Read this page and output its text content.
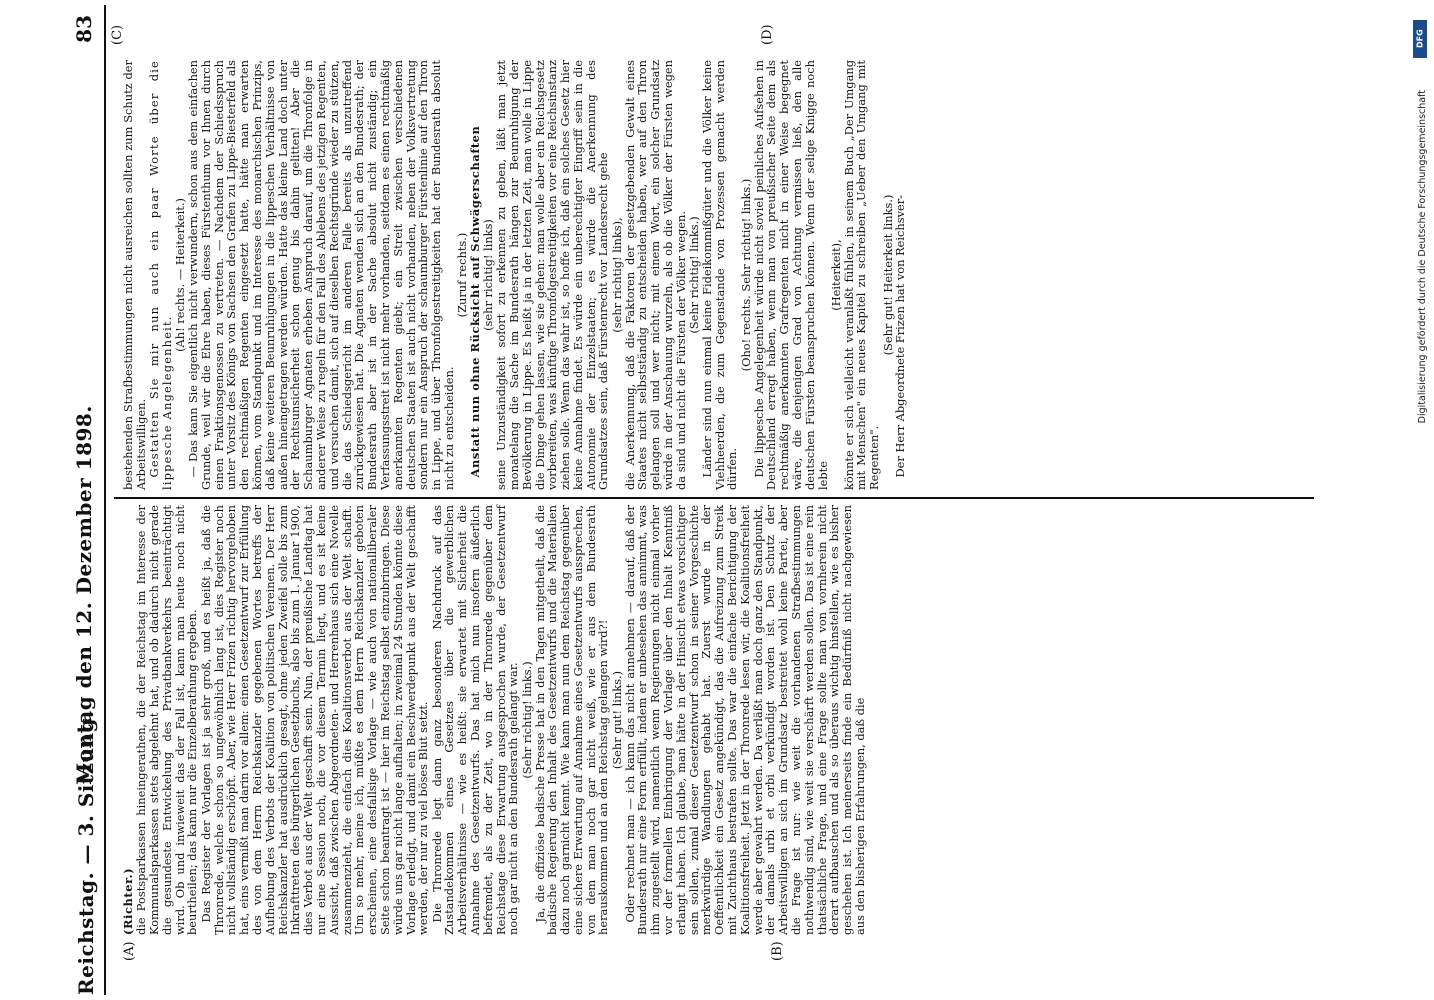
Reichstag. — 3. Sitzung.
Montag den 12. Dezember 1898.
83
(A)	(B)
(C)	(D)

(Richter.) die Postsparkassen hineingerathen, die der Reichstag im Interesse der Kommunalsparkassen stets abgelehnt hat, und ob dadurch nicht gerade die gesundeste Entwickelung des Privatbankverkehrs beeinträchtigt wird. Ob und inwieweit das der Fall ist, kann man heute noch nicht beurtheilen; das kann nur die Einzelberathung ergeben. Das Register der Vorlagen ist ja sehr groß, und es heißt ja, daß die Thronrede, welche schon so ungewöhnlich lang ist, dies Register noch nicht vollständig erschöpft. Aber, wie Herr Frizen richtig hervorgehoben hat, eins vermißt man darin vor allem: einen Gesetzentwurf zur Erfüllung des von dem Herrn Reichskanzler gegebenen Wortes betreffs der Aufhebung des Verbots der Koalition von politischen Vereinen. Der Herr Reichskanzler hat ausdrücklich gesagt, ohne jeden Zweifel solle bis zum Inkrafttreten des bürgerlichen Gesetzbuchs, also bis zum 1. Januar 1900, dies Verbot aus der Welt geschafft sein. Nun, der preußische Landtag hat nur eine Session noch, die vor diesem Termin liegt, und es ist keine Aussicht, daß zwischen Abgeordneten- und Herrenhaus sich eine Novelle zusammenzieht, die einfach dies Koalitionsverbot aus der Welt schafft. Um so mehr, meine ich, müßte es dem Herrn Reichskanzler geboten erscheinen, eine desfallsige Vorlage — wie auch von nationalliberaler Seite schon beantragt ist — hier im Reichstag selbst einzubringen. Diese würde uns gar nicht lange aufhalten; in zweimal 24 Stunden könnte diese Vorlage erledigt, und damit ein Beschwerdepunkt aus der Welt geschafft werden, der nur zu viel böses Blut setzt. Die Thronrede legt dann ganz besonderen Nachdruck auf das Zustandekommen eines Gesetzes über die gewerblichen Arbeitsverhältnisse — wie es heißt: sie erwartet mit Sicherheit die Annahme des Gesetzentwurfs. Das hat mich nun insofern äußerlich befremdet, als zu der Zeit, wo in der Thronrede gegenüber dem Reichstage diese Erwartung ausgesprochen wurde, der Gesetzentwurf noch gar nicht an den Bundesrath gelangt war. (Sehr richtig! links.)

Ja, die offiziöse badische Presse hat in den Tagen mitgetheilt, daß die badische Regierung den Inhalt des Gesetzentwurfs und die Materialien dazu noch garnicht kennt. Wie kann man nun dem Reichstag gegenüber eine sichere Erwartung auf Annahme eines Gesetzentwurfs aussprechen, von dem man noch gar nicht weiß, wie er aus dem Bundesrath herauskommen und an den Reichstag gelangen wird?! (Sehr gut! links.)

Oder rechnet man — ich kann das nicht annehmen — darauf, daß der Bundesrath nur eine Form erfüllt, indem er unbesehen das annimmt, was ihm zugestellt wird, namentlich wenn Regierungen nicht einmal vorher vor der formellen Einbringung der Vorlage über den Inhalt Kenntniß erlangt haben. Ich glaube, man hätte in der Hinsicht etwas vorsichtiger sein sollen, zumal dieser Gesetzentwurf schon in seiner Vorgeschichte merkwürdige Wandlungen gehabt hat. Zuerst wurde in der Oeffentlichkeit ein Gesetz angekündigt, das die Aufreizung zum Streik mit Zuchthaus bestrafen sollte. Das war die einfache Berichtigung der Koalitionsfreiheit. Jetzt in der Thronrede lesen wir, die Koalitionsfreiheit werde aber gewahrt werden. Da verläßt man doch ganz den Standpunkt, der damals urbi et orbi verkündigt worden ist. Den Schutz der Arbeitswilligen an sich im Grundsatz bestreitet wohl keine Partei, aber die Frage ist nur: wie weit die vorhandenen Strafbestimmungen nothwendig sind, wie weit sie verschärft werden sollen. Das ist eine rein thatsächliche Frage, und eine Frage sollte man von vornherein nicht derart aufbauschen und als so überaus wichtig hinstellen, wie es bisher geschehen ist. Ich meinerseits finde ein Bedürfniß nicht nachgewiesen aus den bisherigen Erfahrungen, daß die

bestehenden Strafbestimmungen nicht ausreichen sollten zum Schutz der Arbeitswilligen. Gestatten Sie mir nun auch ein paar Worte über die lippesche Angelegenheit.

(Ah! rechts. — Heiterkeit.)

— Das kann Sie eigentlich nicht verwundern, schon aus dem einfachen Grunde, weil wir die Ehre haben, dieses Fürstenthum vor Ihnen durch einen Fraktionsgenossen zu vertreten. — Nachdem der Schiedsspruch unter Vorsitz des Königs von Sachsen den Grafen zu Lippe-Biesterfeld als den rechtmäßigen Regenten eingesetzt hatte, hätte man erwarten können, vom Standpunkt und im Interesse des monarchischen Prinzips, daß keine weiteren Beunruhigungen in die lippeschen Verhältnisse von außen hineingetragen werden würden. Hatte das kleine Land doch unter der Rechtsunsicherheit schon genug bis dahin gelitten! Aber die Schaumburger Agnaten erheben Anspruch darauf, um die Thronfolge in anderer Weise zu regeln für den Fall des Ablebens des jetzigen Regenten, und versuchen damit, sich auf dieselben Rechtsgründe wieder zu stützen, die das Schiedsgericht im anderen Falle bereits als unzutreffend zurückgewiesen hat. Die Agnaten wenden sich an den Bundesrath; der Bundesrath aber ist in der Sache absolut nicht zuständig; ein Verfassungsstreit ist nicht mehr vorhanden, seitdem es einen rechtmäßig anerkannten Regenten giebt; ein Streit zwischen verschiedenen deutschen Staaten ist auch nicht vorhanden, neben der Volksvertretung sondern nur ein Anspruch der schaumburger Fürstenlinie auf den Thron in Lippe, und über Thronfolgestreitigkeiten hat der Bundesrath absolut nicht zu entscheiden.

(Zuruf rechts.)

Anstatt nun ohne Rücksicht auf Schwägerschaften (sehr richtig! links)

seine Unzuständigkeit sofort zu erkennen zu geben, läßt man jetzt monatelang die Sache im Bundesrath hängen zur Beunruhigung der Bevölkerung in Lippe. Es heißt ja in der letzten Zeit, man wolle in Lippe die Dinge gehen lassen, wie sie gehen: man wolle aber ein Reichsgesetz vorbereiten, was künftige Thronfolgestreitigkeiten vor eine Reichsinstanz ziehen solle. Wenn das wahr ist, so hoffe ich, daß ein solches Gesetz hier keine Annahme findet. Es würde ein unberechtigter Eingriff sein in die Autonomie der Einzelstaaten; es würde die Anerkennung des Grundsatzes sein, daß Fürstenrecht vor Landesrecht gehe (sehr richtig! links),

die Anerkennung, daß die Faktoren der gesetzgebenden Gewalt eines Staates nicht selbstständig zu entscheiden haben, wer auf den Thron gelangen soll und wer nicht; mit einem Wort, ein solcher Grundsatz würde in der Anschauung wurzeln, als ob die Völker der Fürsten wegen da sind und nicht die Fürsten der Völker wegen. (Sehr richtig! links.)

Länder sind nun einmal keine Fideikommißgüter und die Völker keine Viehheerden, die zum Gegenstande von Prozessen gemacht werden dürfen.

(Oho! rechts. Sehr richtig! links.)

Die lippesche Angelegenheit würde nicht soviel peinliches Aufsehen in Deutschland erregt haben, wenn man von preußischer Seite dem als rechtmäßig anerkannten Grafregenten nicht in einer Weise begegnet wäre, die denjenigen Grad von Achtung vermissen ließ, den alle deutschen Fürsten beanspruchen können. Wenn der selige Knigge noch lebte

(Heiterkeit),

könnte er sich vielleicht veranlaßt fühlen, in seinem Buch „Der Umgang mit Menschen" ein neues Kapitel zu schreiben „Ueber den Umgang mit Regenten".

(Sehr gut! Heiterkeit links.)

Der Herr Abgeordnete Frizen hat von Reichsver-

DFG
Digitalisierung gefördert durch die Deutsche Forschungsgemeinschaft
